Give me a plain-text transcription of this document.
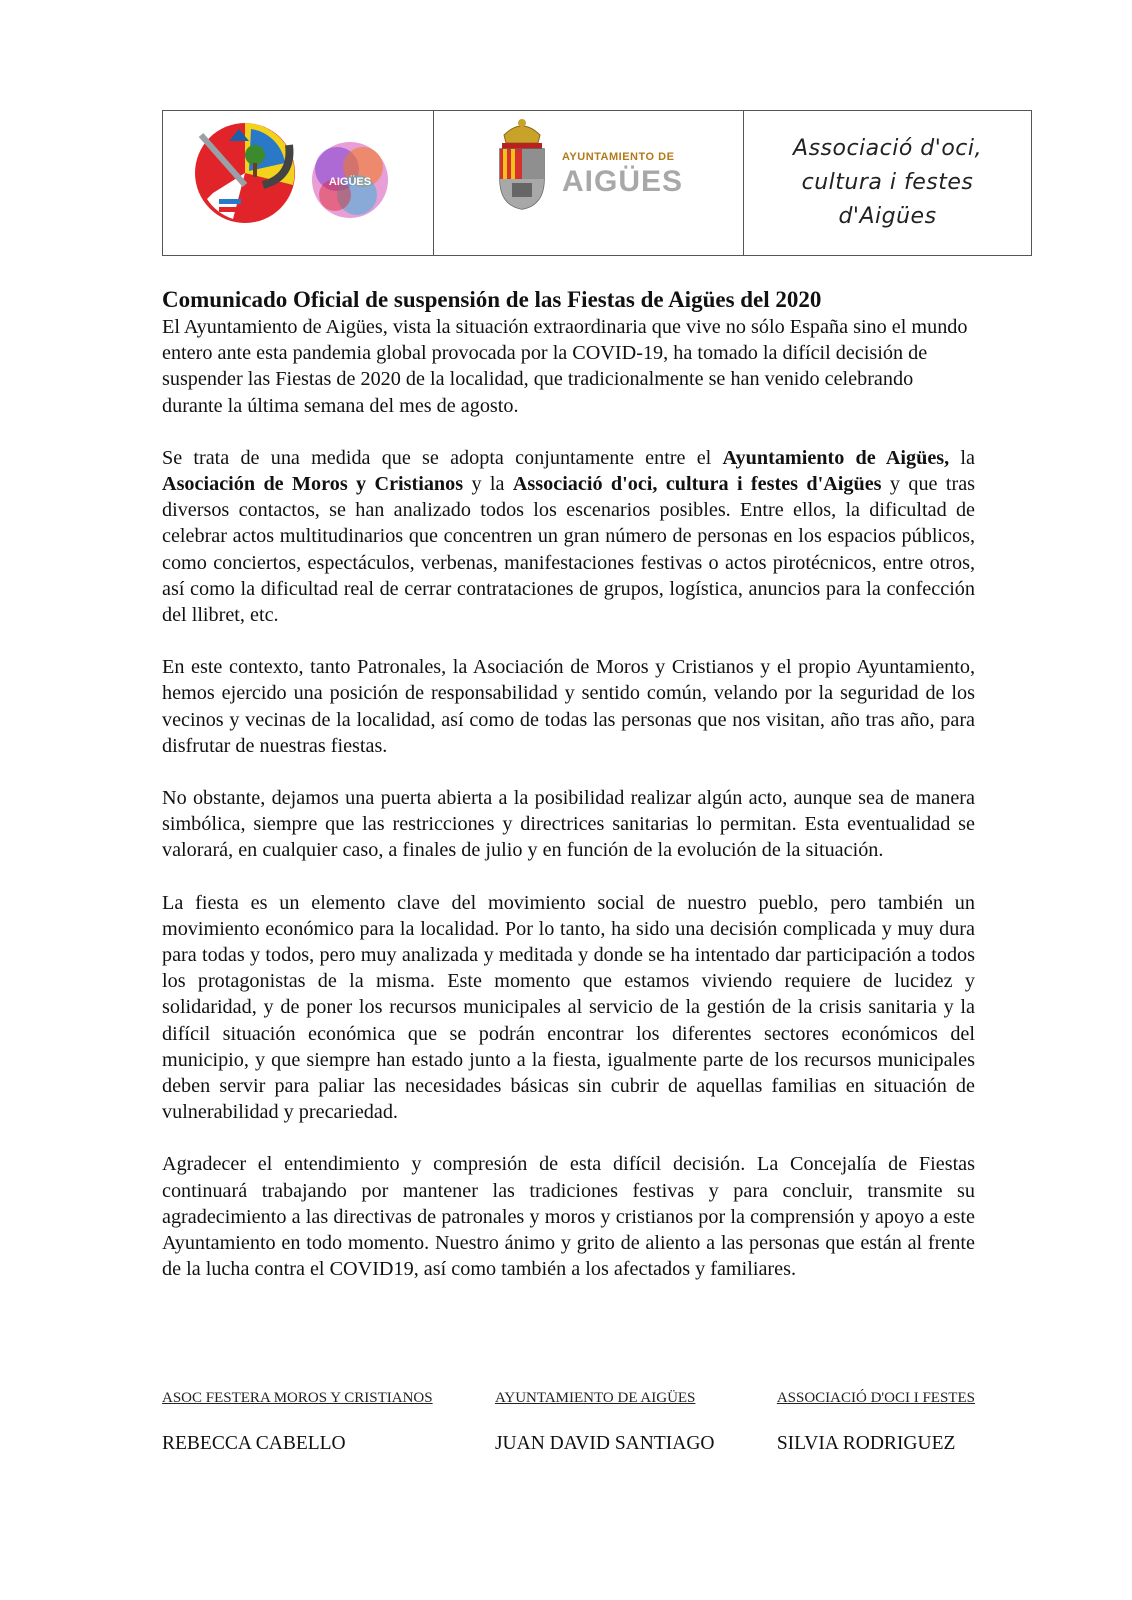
AIGÜES
AYUNTAMIENTO DE
AIGÜES
Associació d'oci,
cultura i festes
d'Aigües
Comunicado Oficial de suspensión de las Fiestas de Aigües del 2020

El Ayuntamiento de Aigües, vista la situación extraordinaria que vive no sólo España sino el mundo entero ante esta pandemia global provocada por la COVID-19, ha tomado la difícil decisión de suspender las Fiestas de 2020 de la localidad, que tradicionalmente se han venido celebrando durante la última semana del mes de agosto.

Se trata de una medida que se adopta conjuntamente entre el Ayuntamiento de Aigües, la Asociación de Moros y Cristianos y la Associació d'oci, cultura i festes d'Aigües y que tras diversos contactos, se han analizado todos los escenarios posibles. Entre ellos, la dificultad de celebrar actos multitudinarios que concentren un gran número de personas en los espacios públicos, como conciertos, espectáculos, verbenas, manifestaciones festivas o actos pirotécnicos, entre otros, así como la dificultad real de cerrar contrataciones de grupos, logística, anuncios para la confección del llibret, etc.

En este contexto, tanto Patronales, la Asociación de Moros y Cristianos y el propio Ayuntamiento, hemos ejercido una posición de responsabilidad y sentido común, velando por la seguridad de los vecinos y vecinas de la localidad, así como de todas las personas que nos visitan, año tras año, para disfrutar de nuestras fiestas.

No obstante, dejamos una puerta abierta a la posibilidad realizar algún acto, aunque sea de manera simbólica, siempre que las restricciones y directrices sanitarias lo permitan. Esta eventualidad se valorará, en cualquier caso, a finales de julio y en función de la evolución de la situación.

La fiesta es un elemento clave del movimiento social de nuestro pueblo, pero también un movimiento económico para la localidad. Por lo tanto, ha sido una decisión complicada y muy dura para todas y todos, pero muy analizada y meditada y donde se ha intentado dar participación a todos los protagonistas de la misma. Este momento que estamos viviendo requiere de lucidez y solidaridad, y de poner los recursos municipales al servicio de la gestión de la crisis sanitaria y la difícil situación económica que se podrán encontrar los diferentes sectores económicos del municipio, y que siempre han estado junto a la fiesta, igualmente parte de los recursos municipales deben servir para paliar las necesidades básicas sin cubrir de aquellas familias en situación de vulnerabilidad y precariedad.

Agradecer el entendimiento y compresión de esta difícil decisión. La Concejalía de Fiestas continuará trabajando por mantener las tradiciones festivas y para concluir, transmite su agradecimiento a las directivas de patronales y moros y cristianos por la comprensión y apoyo a este Ayuntamiento en todo momento. Nuestro ánimo y grito de aliento a las personas que están al frente de la lucha contra el COVID19, así como también a los afectados y familiares.

ASOC FESTERA MOROS Y CRISTIANOS
REBECCA CABELLO
AYUNTAMIENTO DE AIGÜES
JUAN DAVID SANTIAGO
ASSOCIACIÓ D'OCI I FESTES
SILVIA RODRIGUEZ
